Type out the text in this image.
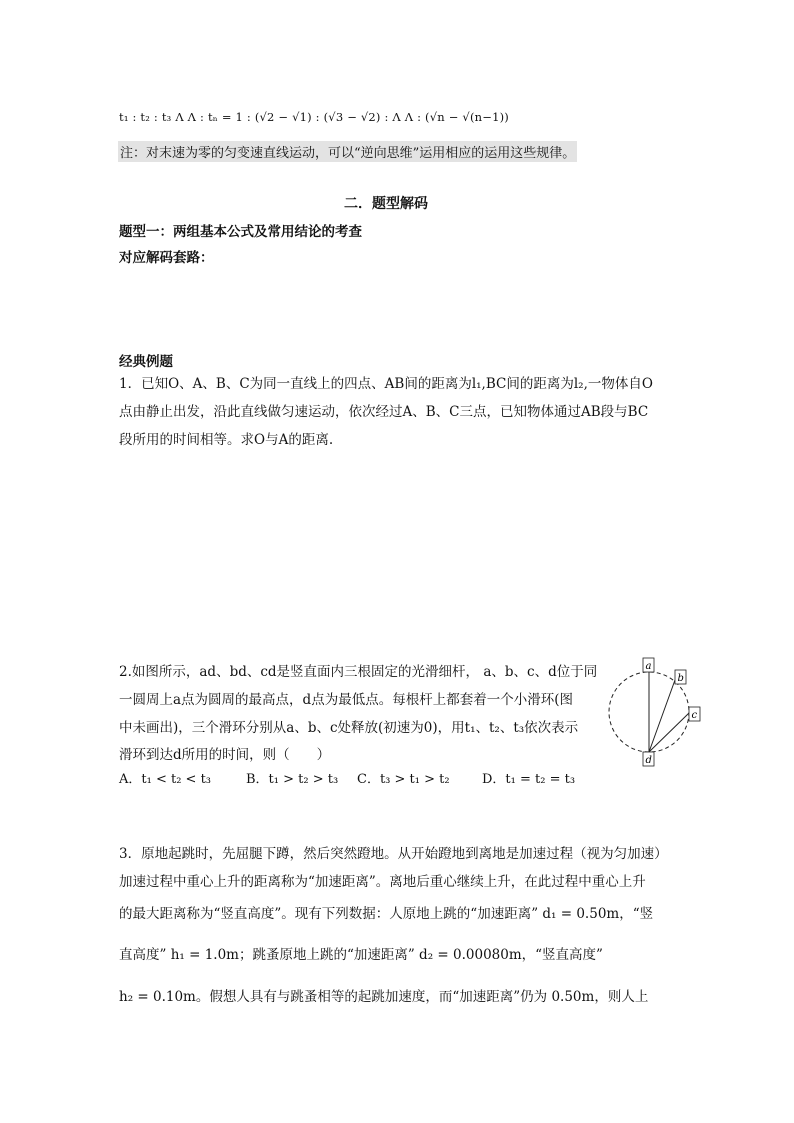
t₁ : t₂ : t₃ Λ Λ : tₙ = 1 : (√2 − √1) : (√3 − √2) : Λ Λ : (√n − √(n−1))
注：对末速为零的匀变速直线运动，可以“逆向思维”运用相应的运用这些规律。
二．题型解码
题型一：两组基本公式及常用结论的考查
对应解码套路：
经典例题
1．已知O、A、B、C为同一直线上的四点、AB间的距离为l₁,BC间的距离为l₂,一物体自O
点由静止出发，沿此直线做匀速运动，依次经过A、B、C三点，已知物体通过AB段与BC
段所用的时间相等。求O与A的距离.
2.如图所示，ad、bd、cd是竖直面内三根固定的光滑细杆， a、b、c、d位于同
一圆周上a点为圆周的最高点，d点为最低点。每根杆上都套着一个小滑环(图
中未画出)，三个滑环分别从a、b、c处释放(初速为0)，用t₁、t₂、t₃依次表示
滑环到达d所用的时间，则（　　）
A．t₁ < t₂ < t₃	B．t₁ > t₂ > t₃ C．t₃ > t₁ > t₂ D．t₁ = t₂ = t₃
a
b
c
d
3．原地起跳时，先屈腿下蹲，然后突然蹬地。从开始蹬地到离地是加速过程（视为匀加速）
加速过程中重心上升的距离称为“加速距离”。离地后重心继续上升，在此过程中重心上升
的最大距离称为“竖直高度”。现有下列数据：人原地上跳的“加速距离” d₁ = 0.50m，“竖
直高度” h₁ = 1.0m；跳蚤原地上跳的“加速距离” d₂ = 0.00080m，“竖直高度”
h₂ = 0.10m。假想人具有与跳蚤相等的起跳加速度，而“加速距离”仍为 0.50m，则人上
